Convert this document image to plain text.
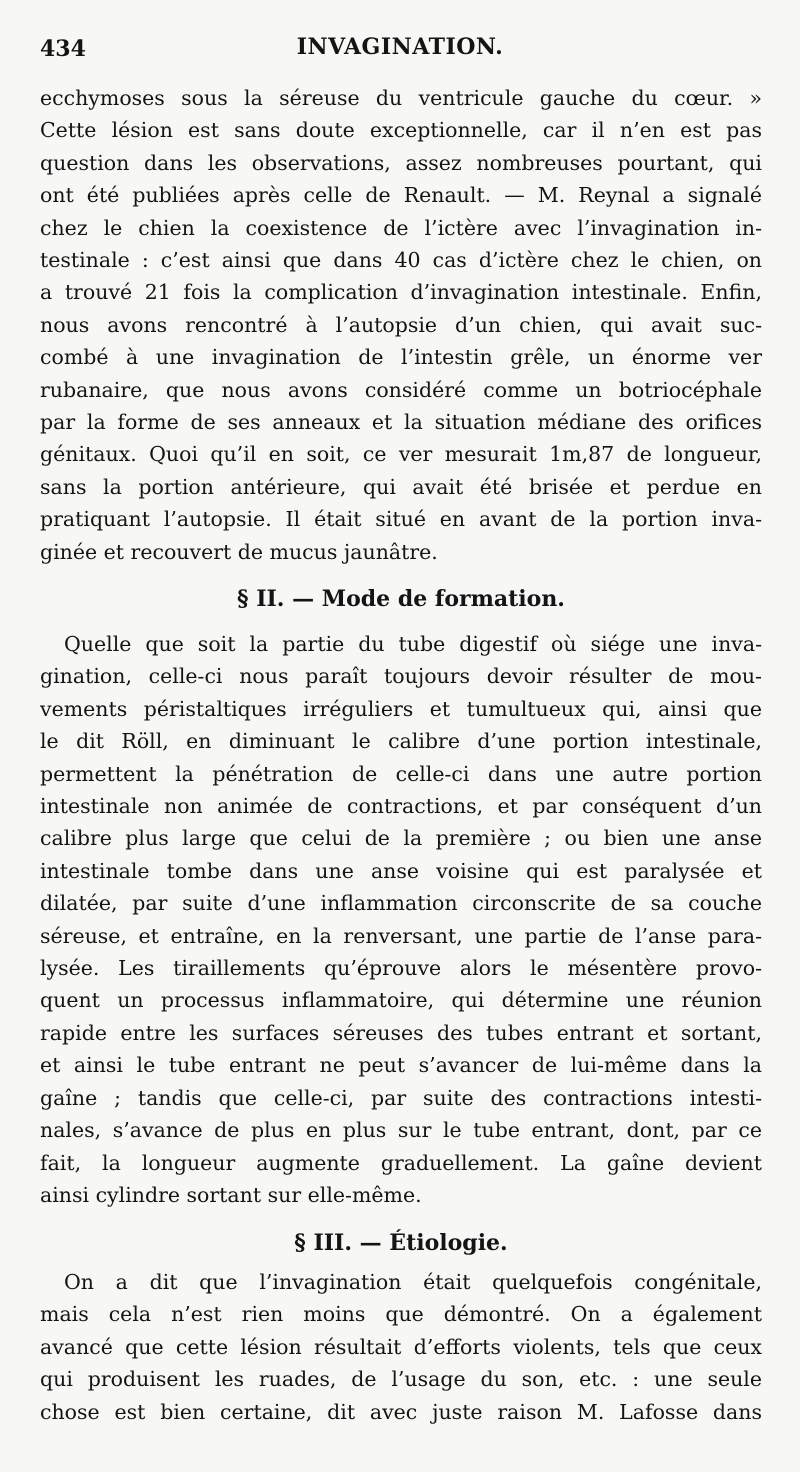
434	INVAGINATION.
ecchymoses sous la séreuse du ventricule gauche du cœur. »
Cette lésion est sans doute exceptionnelle, car il n’en est pas
question dans les observations, assez nombreuses pourtant, qui
ont été publiées après celle de Renault. — M. Reynal a signalé
chez le chien la coexistence de l’ictère avec l’invagination in-
testinale : c’est ainsi que dans 40 cas d’ictère chez le chien, on
a trouvé 21 fois la complication d’invagination intestinale. Enfin,
nous avons rencontré à l’autopsie d’un chien, qui avait suc-
combé à une invagination de l’intestin grêle, un énorme ver
rubanaire, que nous avons considéré comme un botriocéphale
par la forme de ses anneaux et la situation médiane des orifices
génitaux. Quoi qu’il en soit, ce ver mesurait 1m,87 de longueur,
sans la portion antérieure, qui avait été brisée et perdue en
pratiquant l’autopsie. Il était situé en avant de la portion inva-
ginée et recouvert de mucus jaunâtre.
§ II. — Mode de formation.
Quelle que soit la partie du tube digestif où siége une inva-
gination, celle-ci nous paraît toujours devoir résulter de mou-
vements péristaltiques irréguliers et tumultueux qui, ainsi que
le dit Röll, en diminuant le calibre d’une portion intestinale,
permettent la pénétration de celle-ci dans une autre portion
intestinale non animée de contractions, et par conséquent d’un
calibre plus large que celui de la première ; ou bien une anse
intestinale tombe dans une anse voisine qui est paralysée et
dilatée, par suite d’une inflammation circonscrite de sa couche
séreuse, et entraîne, en la renversant, une partie de l’anse para-
lysée. Les tiraillements qu’éprouve alors le mésentère provo-
quent un processus inflammatoire, qui détermine une réunion
rapide entre les surfaces séreuses des tubes entrant et sortant,
et ainsi le tube entrant ne peut s’avancer de lui-même dans la
gaîne ; tandis que celle-ci, par suite des contractions intesti-
nales, s’avance de plus en plus sur le tube entrant, dont, par ce
fait, la longueur augmente graduellement. La gaîne devient
ainsi cylindre sortant sur elle-même.
§ III. — Étiologie.
On a dit que l’invagination était quelquefois congénitale,
mais cela n’est rien moins que démontré. On a également
avancé que cette lésion résultait d’efforts violents, tels que ceux
qui produisent les ruades, de l’usage du son, etc. : une seule
chose est bien certaine, dit avec juste raison M. Lafosse dans
